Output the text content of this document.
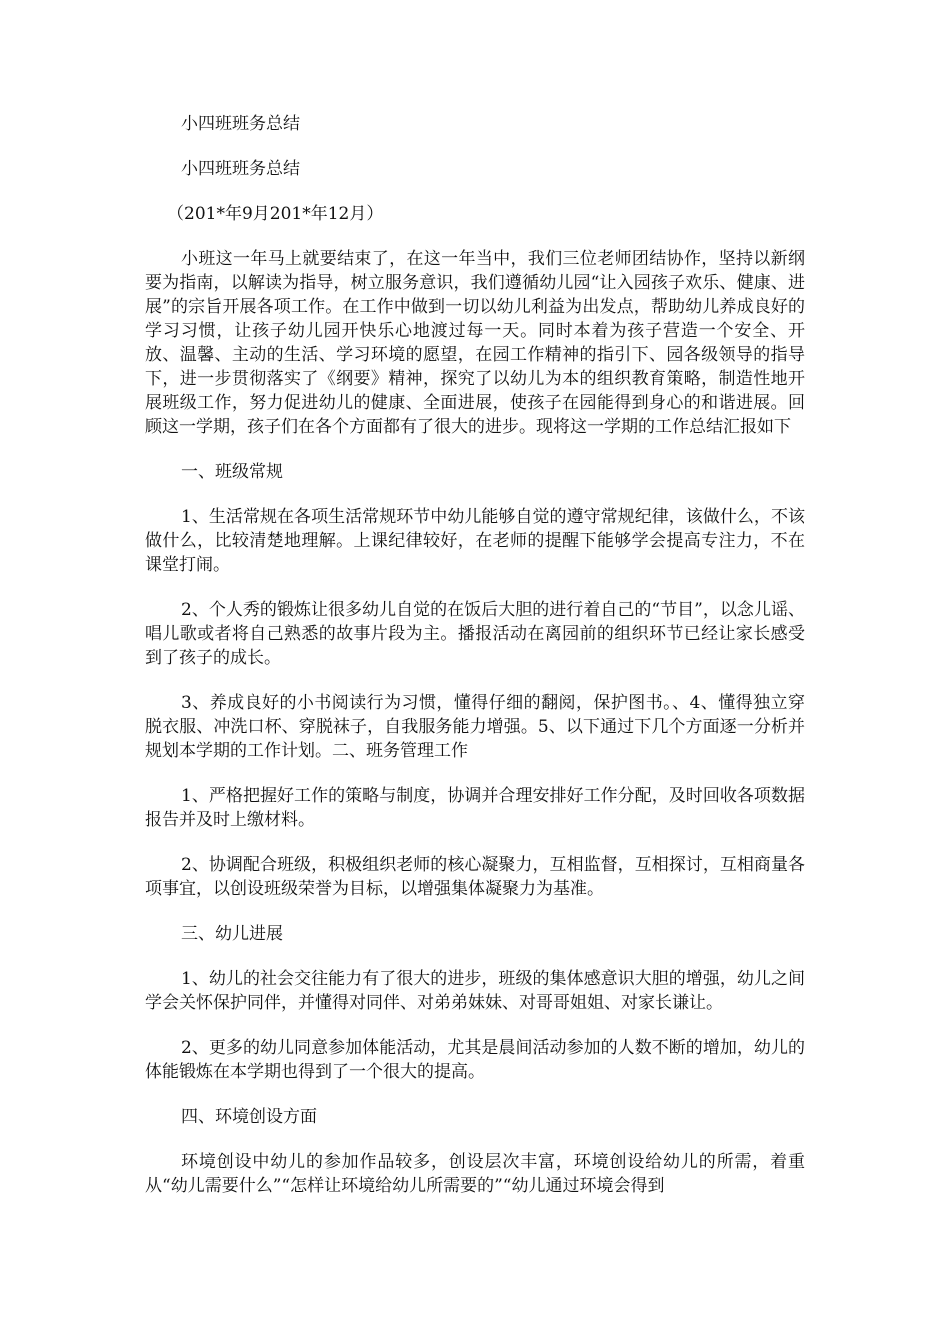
小四班班务总结

小四班班务总结

（201*年9月201*年12月）

小班这一年马上就要结束了，在这一年当中，我们三位老师团结协作，坚持以新纲要为指南，以解读为指导，树立服务意识，我们遵循幼儿园“让入园孩子欢乐、健康、进展”的宗旨开展各项工作。在工作中做到一切以幼儿利益为出发点，帮助幼儿养成良好的学习习惯，让孩子幼儿园开快乐心地渡过每一天。同时本着为孩子营造一个安全、开放、温馨、主动的生活、学习环境的愿望，在园工作精神的指引下、园各级领导的指导下，进一步贯彻落实了《纲要》精神，探究了以幼儿为本的组织教育策略，制造性地开展班级工作，努力促进幼儿的健康、全面进展，使孩子在园能得到身心的和谐进展。回顾这一学期，孩子们在各个方面都有了很大的进步。现将这一学期的工作总结汇报如下

一、班级常规

1、生活常规在各项生活常规环节中幼儿能够自觉的遵守常规纪律，该做什么，不该做什么，比较清楚地理解。上课纪律较好，在老师的提醒下能够学会提高专注力，不在课堂打闹。

2、个人秀的锻炼让很多幼儿自觉的在饭后大胆的进行着自己的“节目”，以念儿谣、唱儿歌或者将自己熟悉的故事片段为主。播报活动在离园前的组织环节已经让家长感受到了孩子的成长。

3、养成良好的小书阅读行为习惯，懂得仔细的翻阅，保护图书。、4、懂得独立穿脱衣服、冲洗口杯、穿脱袜子，自我服务能力增强。5、以下通过下几个方面逐一分析并规划本学期的工作计划。二、班务管理工作

1、严格把握好工作的策略与制度，协调并合理安排好工作分配，及时回收各项数据报告并及时上缴材料。

2、协调配合班级，积极组织老师的核心凝聚力，互相监督，互相探讨，互相商量各项事宜，以创设班级荣誉为目标，以增强集体凝聚力为基准。

三、幼儿进展

1、幼儿的社会交往能力有了很大的进步，班级的集体感意识大胆的增强，幼儿之间学会关怀保护同伴，并懂得对同伴、对弟弟妹妹、对哥哥姐姐、对家长谦让。

2、更多的幼儿同意参加体能活动，尤其是晨间活动参加的人数不断的增加，幼儿的体能锻炼在本学期也得到了一个很大的提高。

四、环境创设方面

环境创设中幼儿的参加作品较多，创设层次丰富，环境创设给幼儿的所需，着重从“幼儿需要什么”“怎样让环境给幼儿所需要的”“幼儿通过环境会得到
